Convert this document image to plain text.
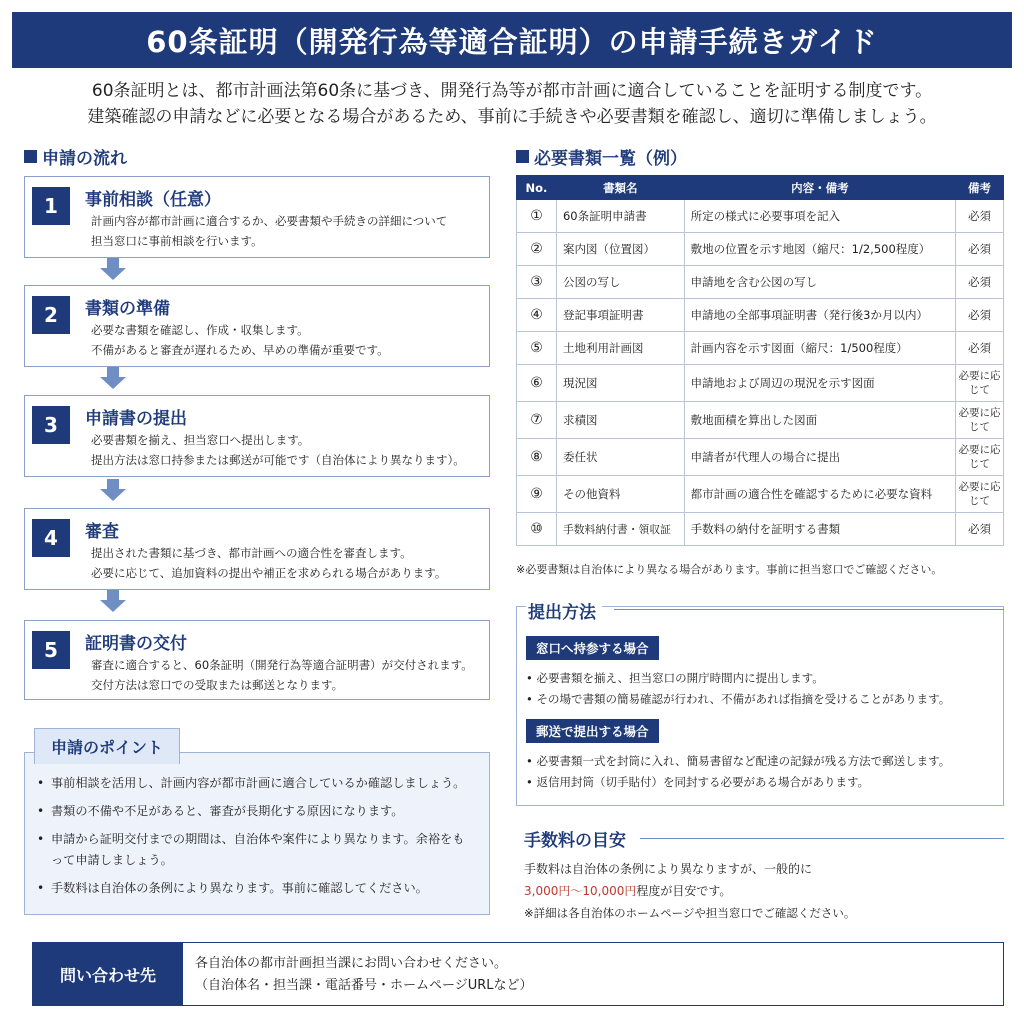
60条証明（開発行為等適合証明）の申請手続きガイド
60条証明とは、都市計画法第60条に基づき、開発行為等が都市計画に適合していることを証明する制度です。
建築確認の申請などに必要となる場合があるため、事前に手続きや必要書類を確認し、適切に準備しましょう。
申請の流れ
1	事前相談（任意）
計画内容が都市計画に適合するか、必要書類や手続きの詳細について
担当窓口に事前相談を行います。
2	書類の準備
必要な書類を確認し、作成・収集します。
不備があると審査が遅れるため、早めの準備が重要です。
3	申請書の提出
必要書類を揃え、担当窓口へ提出します。
提出方法は窓口持参または郵送が可能です（自治体により異なります）。
4	審査
提出された書類に基づき、都市計画への適合性を審査します。
必要に応じて、追加資料の提出や補正を求められる場合があります。
5	証明書の交付
審査に適合すると、60条証明（開発行為等適合証明書）が交付されます。
交付方法は窓口での受取または郵送となります。
• 事前相談を活用し、計画内容が都市計画に適合しているか確認しましょう。
• 書類の不備や不足があると、審査が長期化する原因になります。
• 申請から証明交付までの期間は、自治体や案件により異なります。余裕をもって申請しましょう。
• 手数料は自治体の条例により異なります。事前に確認してください。
申請のポイント
必要書類一覧（例）
No.	書類名	内容・備考	備考
①	60条証明申請書	所定の様式に必要事項を記入	必須
②	案内図（位置図）	敷地の位置を示す地図（縮尺：1/2,500程度）	必須
③	公図の写し	申請地を含む公図の写し	必須
④	登記事項証明書	申請地の全部事項証明書（発行後3か月以内）	必須
⑤	土地利用計画図	計画内容を示す図面（縮尺：1/500程度）	必須
⑥	現況図	申請地および周辺の現況を示す図面	必要に応じて
⑦	求積図	敷地面積を算出した図面	必要に応じて
⑧	委任状	申請者が代理人の場合に提出	必要に応じて
⑨	その他資料	都市計画の適合性を確認するために必要な資料	必要に応じて
⑩	手数料納付書・領収証	手数料の納付を証明する書類	必須
※必要書類は自治体により異なる場合があります。事前に担当窓口でご確認ください。
提出方法
窓口へ持参する場合
• 必要書類を揃え、担当窓口の開庁時間内に提出します。
• その場で書類の簡易確認が行われ、不備があれば指摘を受けることがあります。
郵送で提出する場合
• 必要書類一式を封筒に入れ、簡易書留など配達の記録が残る方法で郵送します。
• 返信用封筒（切手貼付）を同封する必要がある場合があります。
手数料の目安
手数料は自治体の条例により異なりますが、一般的に
3,000円～10,000円程度が目安です。
※詳細は各自治体のホームページや担当窓口でご確認ください。
問い合わせ先
各自治体の都市計画担当課にお問い合わせください。
（自治体名・担当課・電話番号・ホームページURLなど）
